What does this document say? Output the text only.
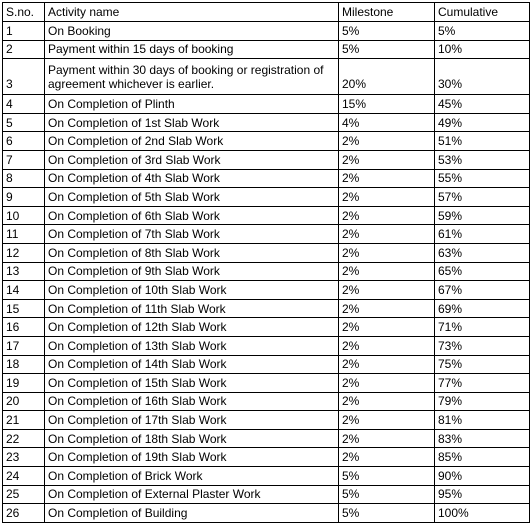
S.no.	Activity name	Milestone	Cumulative
1	On Booking	5%	5%
2	Payment within 15 days of booking	5%	10%
3	Payment within 30 days of booking or registration of agreement whichever is earlier.	20%	30%
4	On Completion of Plinth	15%	45%
5	On Completion of 1st Slab Work	4%	49%
6	On Completion of 2nd Slab Work	2%	51%
7	On Completion of 3rd Slab Work	2%	53%
8	On Completion of 4th Slab Work	2%	55%
9	On Completion of 5th Slab Work	2%	57%
10	On Completion of 6th Slab Work	2%	59%
11	On Completion of 7th Slab Work	2%	61%
12	On Completion of 8th Slab Work	2%	63%
13	On Completion of 9th Slab Work	2%	65%
14	On Completion of 10th Slab Work	2%	67%
15	On Completion of 11th Slab Work	2%	69%
16	On Completion of 12th Slab Work	2%	71%
17	On Completion of 13th Slab Work	2%	73%
18	On Completion of 14th Slab Work	2%	75%
19	On Completion of 15th Slab Work	2%	77%
20	On Completion of 16th Slab Work	2%	79%
21	On Completion of 17th Slab Work	2%	81%
22	On Completion of 18th Slab Work	2%	83%
23	On Completion of 19th Slab Work	2%	85%
24	On Completion of Brick Work	5%	90%
25	On Completion of External Plaster Work	5%	95%
26	On Completion of Building	5%	100%
